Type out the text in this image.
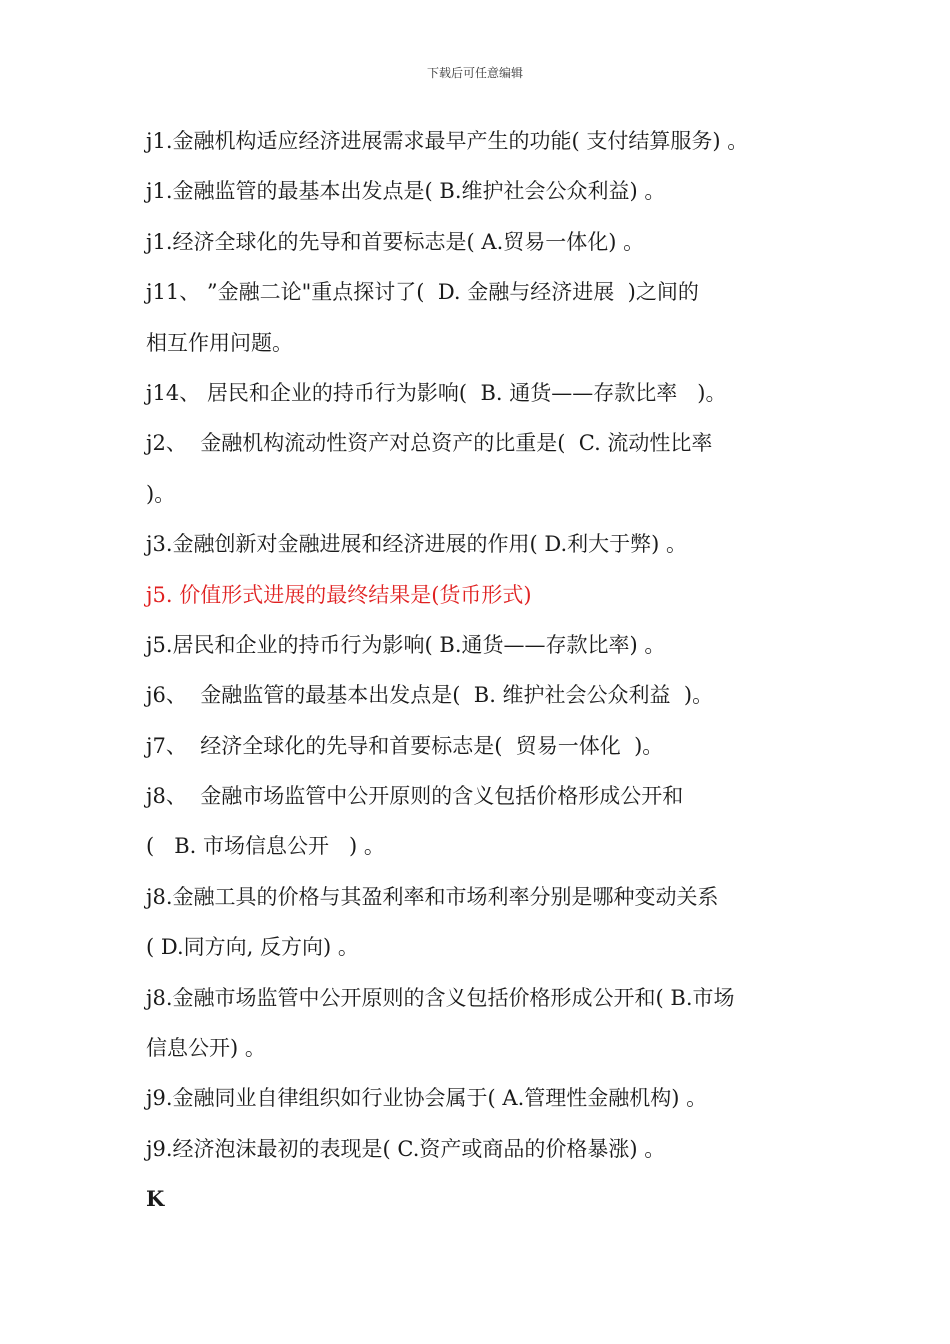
下载后可任意编辑
j1.金融机构适应经济进展需求最早产生的功能( 支付结算服务) 。
j1.金融监管的最基本出发点是( B.维护社会公众利益) 。
j1.经济全球化的先导和首要标志是( A.贸易一体化) 。
j11、 ”金融二论"重点探讨了(  D. 金融与经济进展  )之间的
相互作用问题。
j14、 居民和企业的持币行为影响(  B. 通货——存款比率   )。
j2、  金融机构流动性资产对总资产的比重是(  C. 流动性比率
)。
j3.金融创新对金融进展和经济进展的作用( D.利大于弊) 。
j5. 价值形式进展的最终结果是(货币形式)
j5.居民和企业的持币行为影响( B.通货——存款比率) 。
j6、  金融监管的最基本出发点是(  B. 维护社会公众利益  )。
j7、  经济全球化的先导和首要标志是(  贸易一体化  )。
j8、  金融市场监管中公开原则的含义包括价格形成公开和
(   B. 市场信息公开   ) 。
j8.金融工具的价格与其盈利率和市场利率分别是哪种变动关系
( D.同方向, 反方向) 。
j8.金融市场监管中公开原则的含义包括价格形成公开和( B.市场
信息公开) 。
j9.金融同业自律组织如行业协会属于( A.管理性金融机构) 。
j9.经济泡沫最初的表现是( C.资产或商品的价格暴涨) 。
K
